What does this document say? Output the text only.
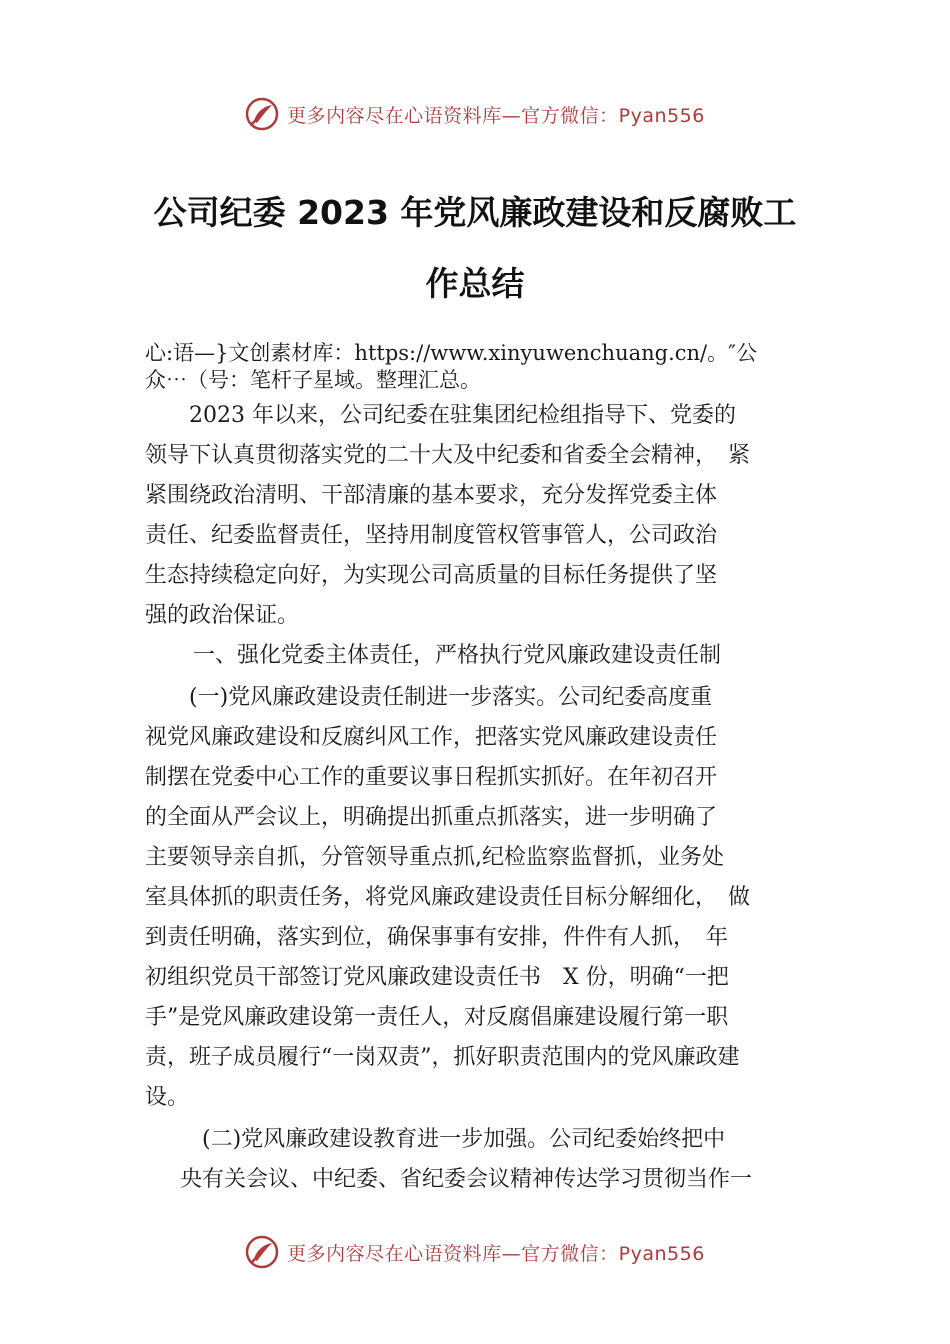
更多内容尽在心语资料库—官方微信：Pyan556
公司纪委 2023 年党风廉政建设和反腐败工
作总结
心:语—}文创素材库：https://www.xinyuwenchuang.cn/。″公
众⋯（号：笔杆子星域。整理汇总。
　　2023 年以来，公司纪委在驻集团纪检组指导下、党委的
领导下认真贯彻落实党的二十大及中纪委和省委全会精神，　紧
紧围绕政治清明、干部清廉的基本要求，充分发挥党委主体
责任、纪委监督责任，坚持用制度管权管事管人，公司政治
生态持续稳定向好，为实现公司高质量的目标任务提供了坚
强的政治保证。
一、强化党委主体责任，严格执行党风廉政建设责任制
　　(一)党风廉政建设责任制进一步落实。公司纪委高度重
视党风廉政建设和反腐纠风工作，把落实党风廉政建设责任
制摆在党委中心工作的重要议事日程抓实抓好。在年初召开
的全面从严会议上，明确提出抓重点抓落实，进一步明确了
主要领导亲自抓，分管领导重点抓,纪检监察监督抓，业务处
室具体抓的职责任务，将党风廉政建设责任目标分解细化，　做
到责任明确，落实到位，确保事事有安排，件件有人抓，　年
初组织党员干部签订党风廉政建设责任书　X 份，明确“一把
手”是党风廉政建设第一责任人，对反腐倡廉建设履行第一职
责，班子成员履行“一岗双责”，抓好职责范围内的党风廉政建
设。
　(二)党风廉政建设教育进一步加强。公司纪委始终把中
央有关会议、中纪委、省纪委会议精神传达学习贯彻当作一
更多内容尽在心语资料库—官方微信：Pyan556
